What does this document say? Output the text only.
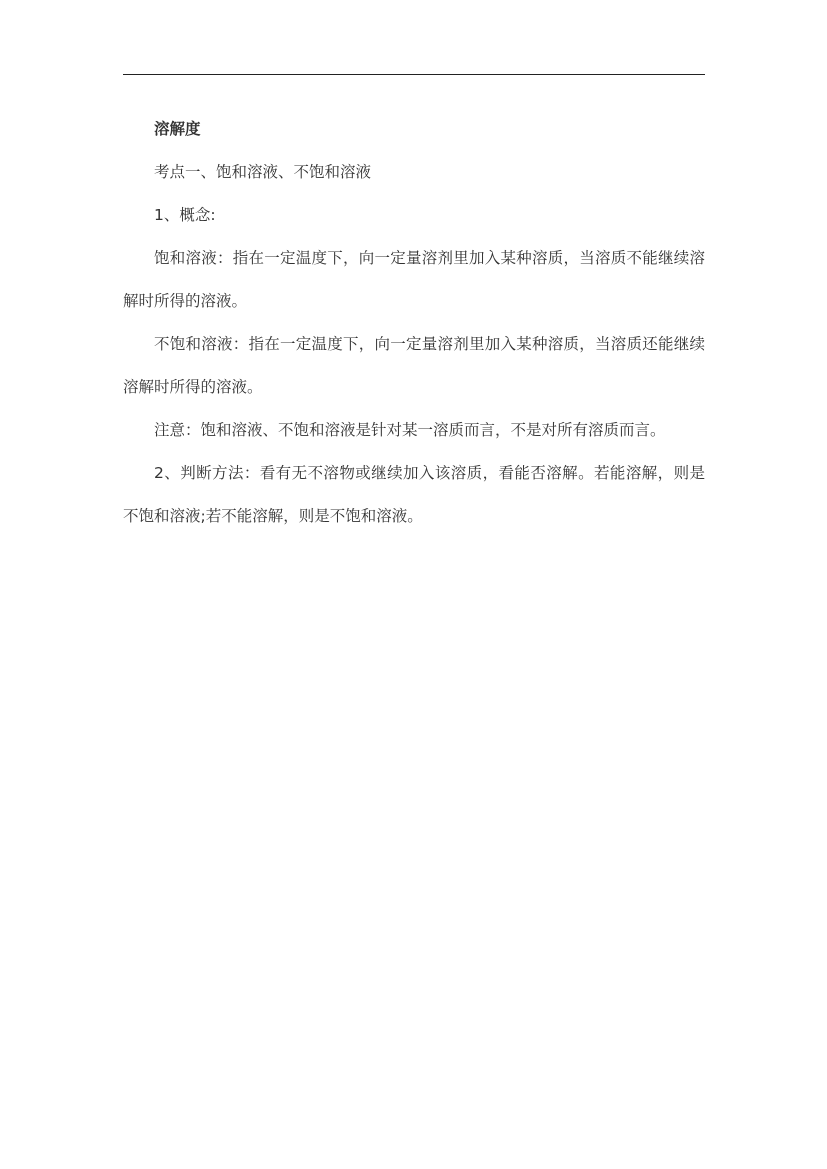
溶解度

考点一、饱和溶液、不饱和溶液

1、概念:

饱和溶液：指在一定温度下，向一定量溶剂里加入某种溶质，当溶质不能继续溶解时所得的溶液。

不饱和溶液：指在一定温度下，向一定量溶剂里加入某种溶质，当溶质还能继续溶解时所得的溶液。

注意：饱和溶液、不饱和溶液是针对某一溶质而言，不是对所有溶质而言。

2、判断方法：看有无不溶物或继续加入该溶质，看能否溶解。若能溶解，则是不饱和溶液;若不能溶解，则是不饱和溶液。
